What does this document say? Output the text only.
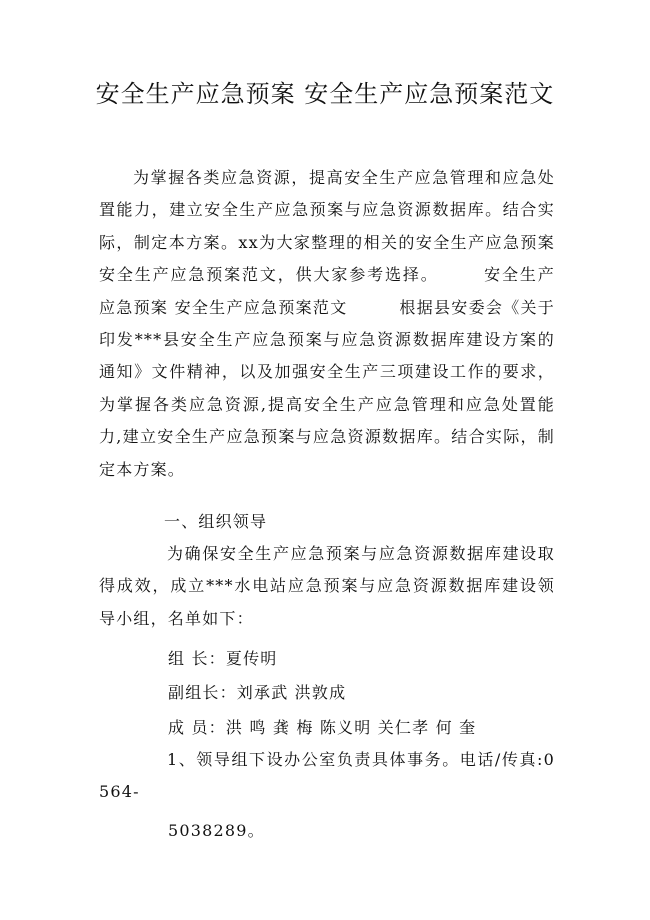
安全生产应急预案 安全生产应急预案范文
为掌握各类应急资源，提高安全生产应急管理和应急处置能力，建立安全生产应急预案与应急资源数据库。结合实际，制定本方案。xx为大家整理的相关的安全生产应急预案安全生产应急预案范文，供大家参考选择。　　　安全生产应急预案 安全生产应急预案范文　　　根据县安委会《关于印发***县安全生产应急预案与应急资源数据库建设方案的通知》文件精神，以及加强安全生产三项建设工作的要求，为掌握各类应急资源,提高安全生产应急管理和应急处置能力,建立安全生产应急预案与应急资源数据库。结合实际，制定本方案。
一、组织领导
为确保安全生产应急预案与应急资源数据库建设取得成效，成立***水电站应急预案与应急资源数据库建设领导小组，名单如下：
组 长：夏传明
副组长：刘承武 洪敦成
成 员：洪 鸣 龚 梅 陈义明 关仁孝 何 奎
1、领导组下设办公室负责具体事务。电话/传真:0564-
5038289。
